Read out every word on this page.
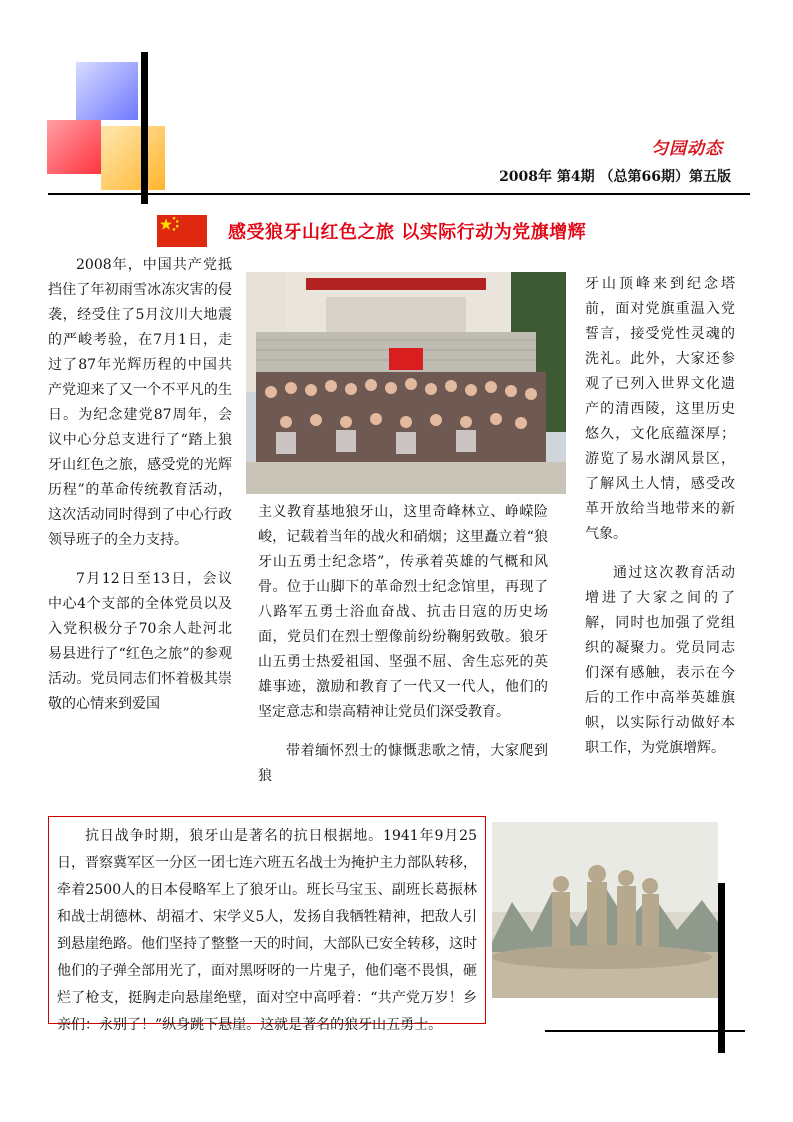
匀园动态
2008年 第4期 （总第66期）第五版
感受狼牙山红色之旅 以实际行动为党旗增辉

2008年，中国共产党抵挡住了年初雨雪冰冻灾害的侵袭，经受住了5月汶川大地震的严峻考验，在7月1日，走过了87年光辉历程的中国共产党迎来了又一个不平凡的生日。为纪念建党87周年，会议中心分总支进行了“踏上狼牙山红色之旅，感受党的光辉历程”的革命传统教育活动，这次活动同时得到了中心行政领导班子的全力支持。

7月12日至13日，会议中心4个支部的全体党员以及入党积极分子70余人赴河北易县进行了“红色之旅”的参观 活动。党员同志们怀着极其崇敬的心情来到爱国

主义教育基地狼牙山，这里奇峰林立、峥嵘险峻，记载着当年的战火和硝烟；这里矗立着“狼牙山五勇士纪念塔”，传承着英雄的气概和风骨。位于山脚下的革命烈士纪念馆里，再现了八路军五勇士浴血奋战、抗击日寇的历史场面，党员们在烈士塑像前纷纷鞠躬致敬。狼牙山五勇士热爱祖国、坚强不屈、舍生忘死的英雄事迹，激励和教育了一代又一代人，他们的坚定意志和崇高精神让党员们深受教育。

带着缅怀烈士的慷慨悲歌之情，大家爬到狼

牙山顶峰来到纪念塔前，面对党旗重温入党誓言，接受党性灵魂的洗礼。此外，大家还参观了已列入世界文化遗产的清西陵，这里历史悠久，文化底蕴深厚；游览了易水湖风景区，了解风土人情，感受改革开放给当地带来的新气象。

通过这次教育活动增进了大家之间的了解，同时也加强了党组织的凝聚力。党员同志们深有感触，表示在今后的工作中高举英雄旗帜，以实际行动做好本职工作，为党旗增辉。

抗日战争时期，狼牙山是著名的抗日根据地。1941年9月25日，晋察冀军区一分区一团七连六班五名战士为掩护主力部队转移，牵着2500人的日本侵略军上了狼牙山。班长马宝玉、副班长葛振林和战士胡德林、胡福才、宋学义5人，发扬自我牺牲精神，把敌人引到悬崖绝路。他们坚持了整整一天的时间，大部队已安全转移，这时他们的子弹全部用光了，面对黑呀呀的一片鬼子，他们毫不畏惧，砸烂了枪支，挺胸走向悬崖绝壁，面对空中高呼着：“共产党万岁！乡亲们：永别了！”纵身跳下悬崖。这就是著名的狼牙山五勇士。
